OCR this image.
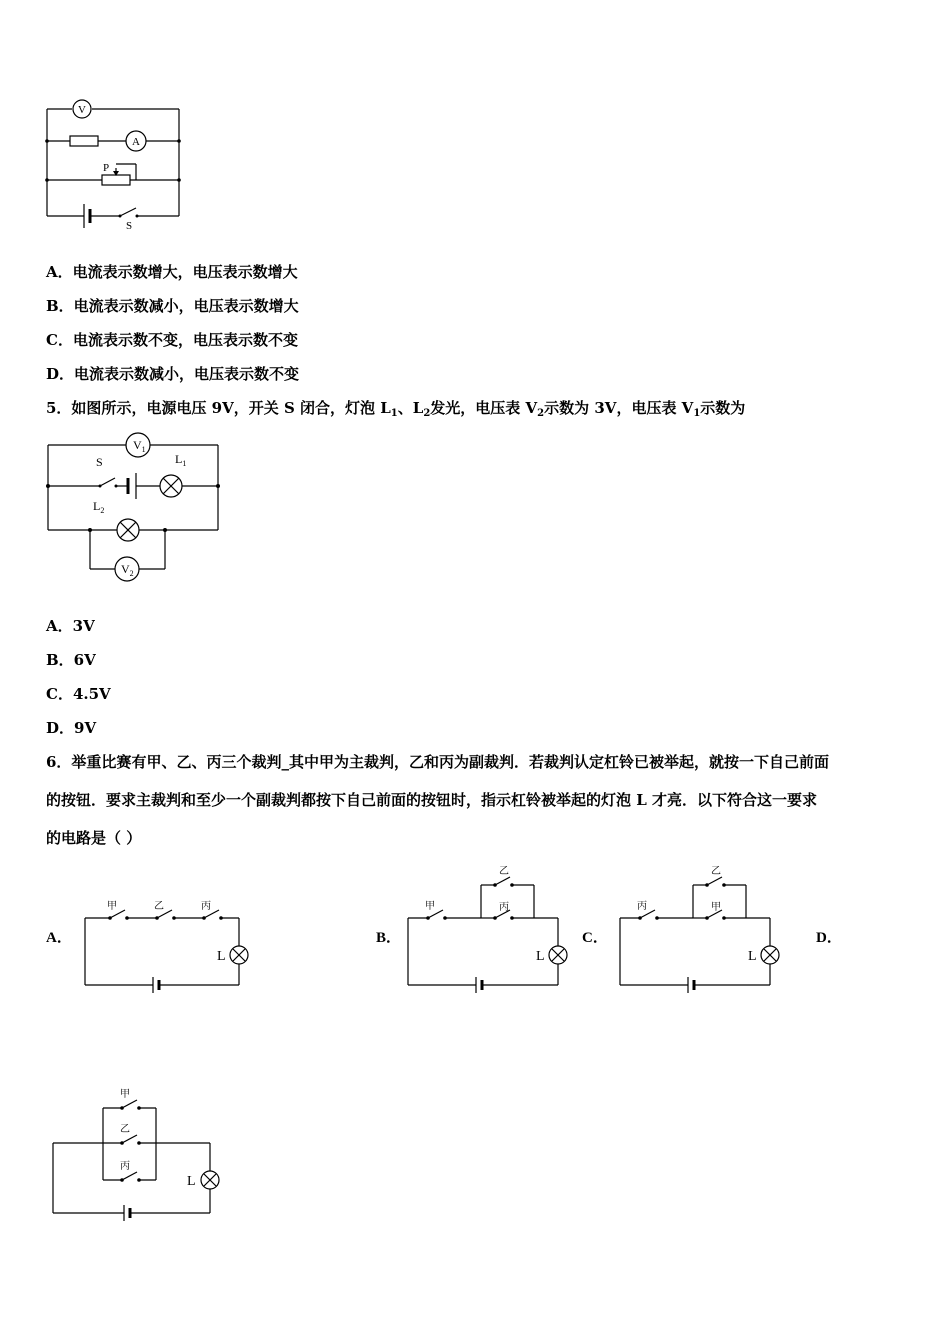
V
A
P
S
A．电流表示数增大，电压表示数增大
B．电流表示数减小，电压表示数增大
C．电流表示数不变，电压表示数不变
D．电流表示数减小，电压表示数不变
5．如图所示，电源电压 9V，开关 S 闭合，灯泡 $L_1$、$L_2$发光，电压表 $V_2$示数为 3V，电压表 $V_1$示数为
$V_1$
$V_2$
S	$L_1$
$L_2$
A．3V
B．6V
C．4.5V
D．9V
6．举重比赛有甲、乙、丙三个裁判_其中甲为主裁判，乙和丙为副裁判．若裁判认定杠铃已被举起，就按一下自己前面
的按钮．要求主裁判和至少一个副裁判都按下自己前面的按钮时，指示杠铃被举起的灯泡 L 才亮．以下符合这一要求
的电路是（ ）
A．	B．	C．	D．
甲	乙	丙
L
甲
乙
丙
L
丙
乙
甲
L
甲
乙
丙
L
